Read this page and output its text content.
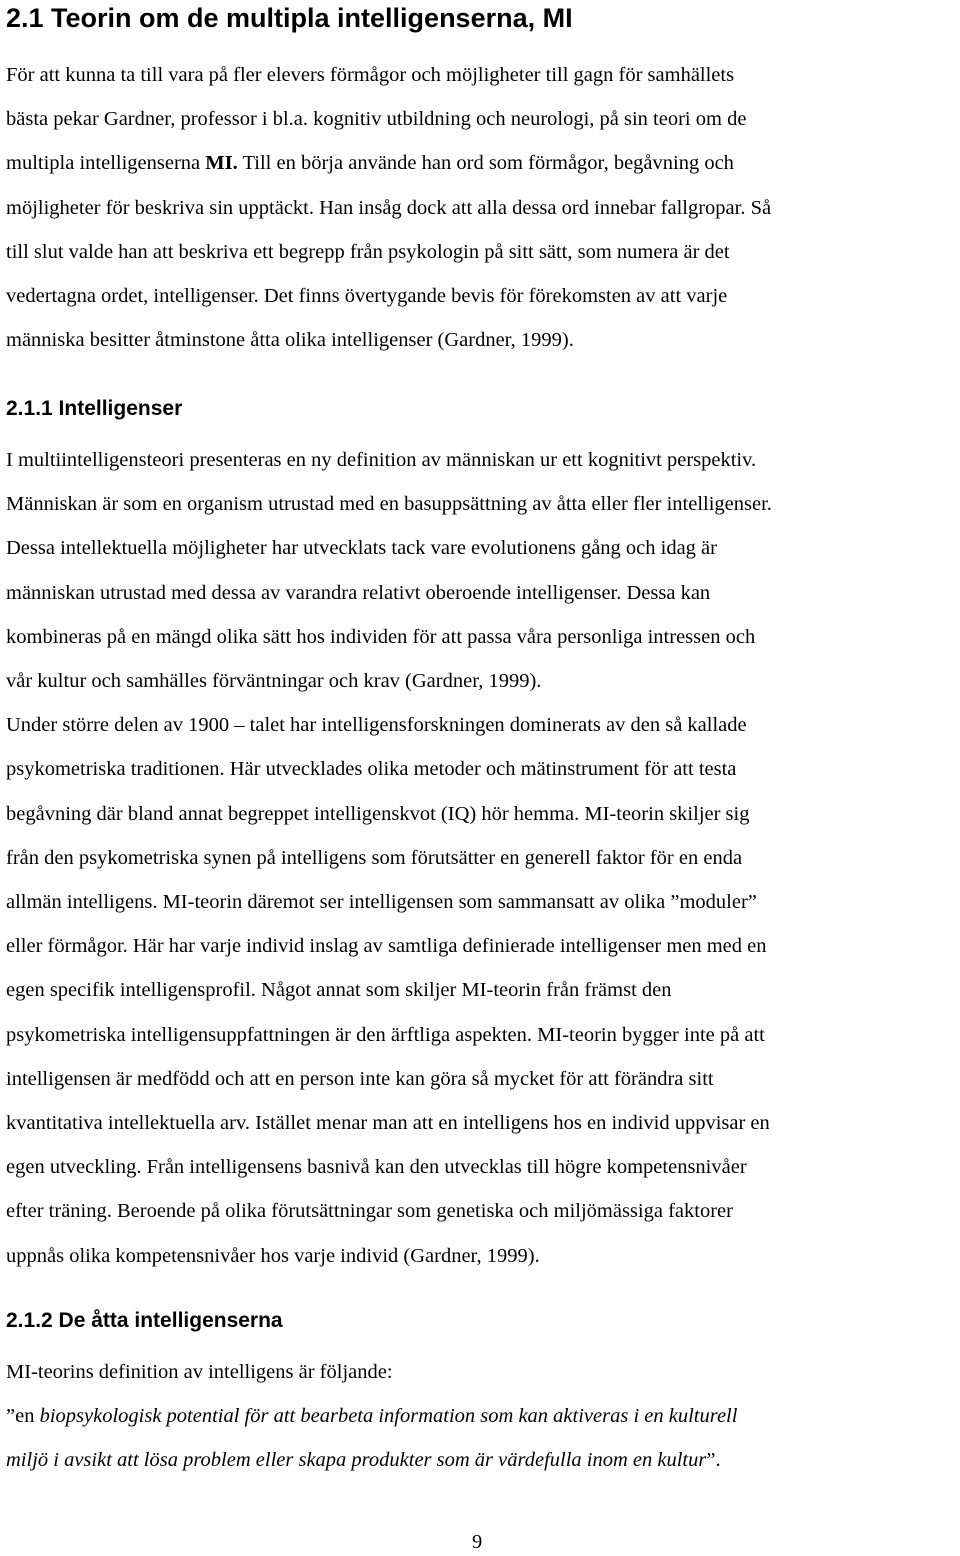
2.1 Teorin om de multipla intelligenserna, MI

För att kunna ta till vara på fler elevers förmågor och möjligheter till gagn för samhällets
bästa pekar Gardner, professor i bl.a. kognitiv utbildning och neurologi, på sin teori om de
multipla intelligenserna MI. Till en börja använde han ord som förmågor, begåvning och
möjligheter för beskriva sin upptäckt. Han insåg dock att alla dessa ord innebar fallgropar. Så
till slut valde han att beskriva ett begrepp från psykologin på sitt sätt, som numera är det
vedertagna ordet, intelligenser. Det finns övertygande bevis för förekomsten av att varje
människa besitter åtminstone åtta olika intelligenser (Gardner, 1999).

2.1.1 Intelligenser

I multiintelligensteori presenteras en ny definition av människan ur ett kognitivt perspektiv.
Människan är som en organism utrustad med en basuppsättning av åtta eller fler intelligenser.
Dessa intellektuella möjligheter har utvecklats tack vare evolutionens gång och idag är
människan utrustad med dessa av varandra relativt oberoende intelligenser. Dessa kan
kombineras på en mängd olika sätt hos individen för att passa våra personliga intressen och
vår kultur och samhälles förväntningar och krav (Gardner, 1999).
Under större delen av 1900 – talet har intelligensforskningen dominerats av den så kallade
psykometriska traditionen. Här utvecklades olika metoder och mätinstrument för att testa
begåvning där bland annat begreppet intelligenskvot (IQ) hör hemma. MI-teorin skiljer sig
från den psykometriska synen på intelligens som förutsätter en generell faktor för en enda
allmän intelligens. MI-teorin däremot ser intelligensen som sammansatt av olika ”moduler”
eller förmågor. Här har varje individ inslag av samtliga definierade intelligenser men med en
egen specifik intelligensprofil. Något annat som skiljer MI-teorin från främst den
psykometriska intelligensuppfattningen är den ärftliga aspekten. MI-teorin bygger inte på att
intelligensen är medfödd och att en person inte kan göra så mycket för att förändra sitt
kvantitativa intellektuella arv. Istället menar man att en intelligens hos en individ uppvisar en
egen utveckling. Från intelligensens basnivå kan den utvecklas till högre kompetensnivåer
efter träning. Beroende på olika förutsättningar som genetiska och miljömässiga faktorer
uppnås olika kompetensnivåer hos varje individ (Gardner, 1999).

2.1.2 De åtta intelligenserna

MI-teorins definition av intelligens är följande:
”en biopsykologisk potential för att bearbeta information som kan aktiveras i en kulturell
miljö i avsikt att lösa problem eller skapa produkter som är värdefulla inom en kultur”.

9
